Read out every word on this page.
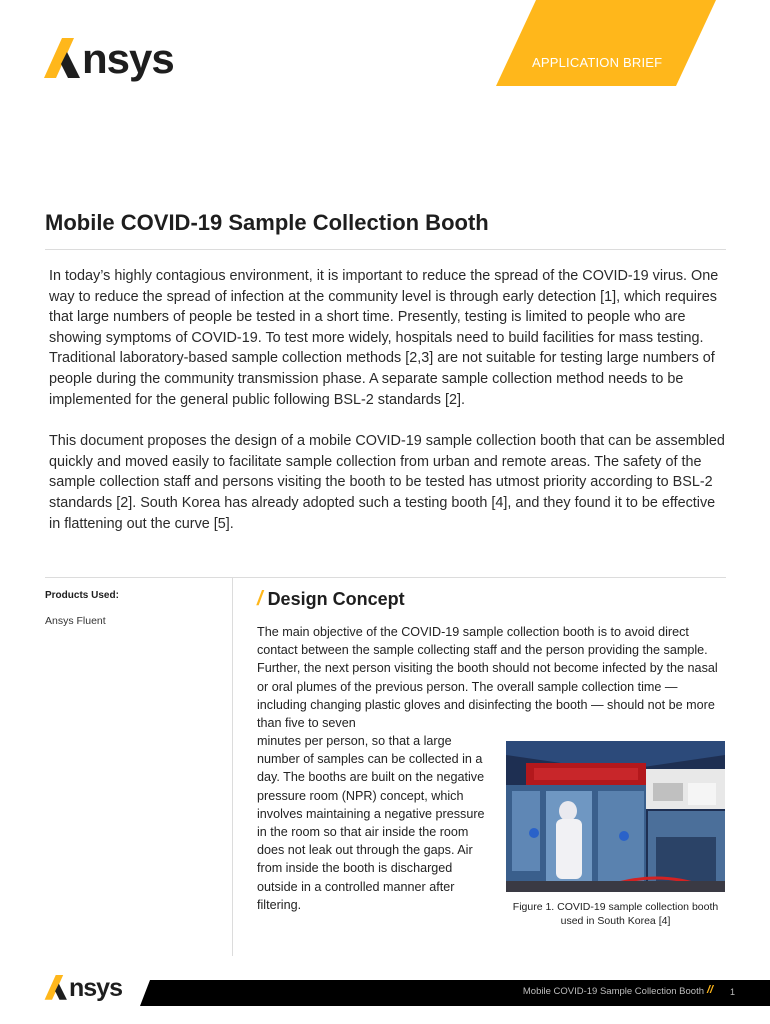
nsys	APPLICATION BRIEF
Mobile COVID-19 Sample Collection Booth

In today’s highly contagious environment, it is important to reduce the spread of the COVID-19 virus. One way to reduce the spread of infection at the community level is through early detection [1], which requires that large numbers of people be tested in a short time. Presently, testing is limited to people who are showing symptoms of COVID-19. To test more widely, hospitals need to build facilities for mass testing. Traditional laboratory-based sample collection methods [2,3] are not suitable for testing large numbers of people during the community transmission phase. A separate sample collection method needs to be implemented for the general public following BSL-2 standards [2].

This document proposes the design of a mobile COVID-19 sample collection booth that can be assembled quickly and moved easily to facilitate sample collection from urban and remote areas. The safety of the sample collection staff and persons visiting the booth to be tested has utmost priority according to BSL-2 standards [2]. South Korea has already adopted such a testing booth [4], and they found it to be effective in flattening out the curve [5].

Products Used:
Ansys Fluent
/ Design Concept

The main objective of the COVID-19 sample collection booth is to avoid direct contact between the sample collecting staff and the person providing the sample. Further, the next person visiting the booth should not become infected by the nasal or oral plumes of the previous person. The overall sample collection time — including changing plastic gloves and disinfecting the booth — should not be more than five to seven

minutes per person, so that a large number of samples can be collected in a day. The booths are built on the negative pressure room (NPR) concept, which involves maintaining a negative pressure in the room so that air inside the room does not leak out through the gaps. Air from inside the booth is discharged outside in a controlled manner after filtering.	Figure 1. COVID-19 sample collection booth used in South Korea [4]

nsys	Mobile COVID-19 Sample Collection Booth // 1
